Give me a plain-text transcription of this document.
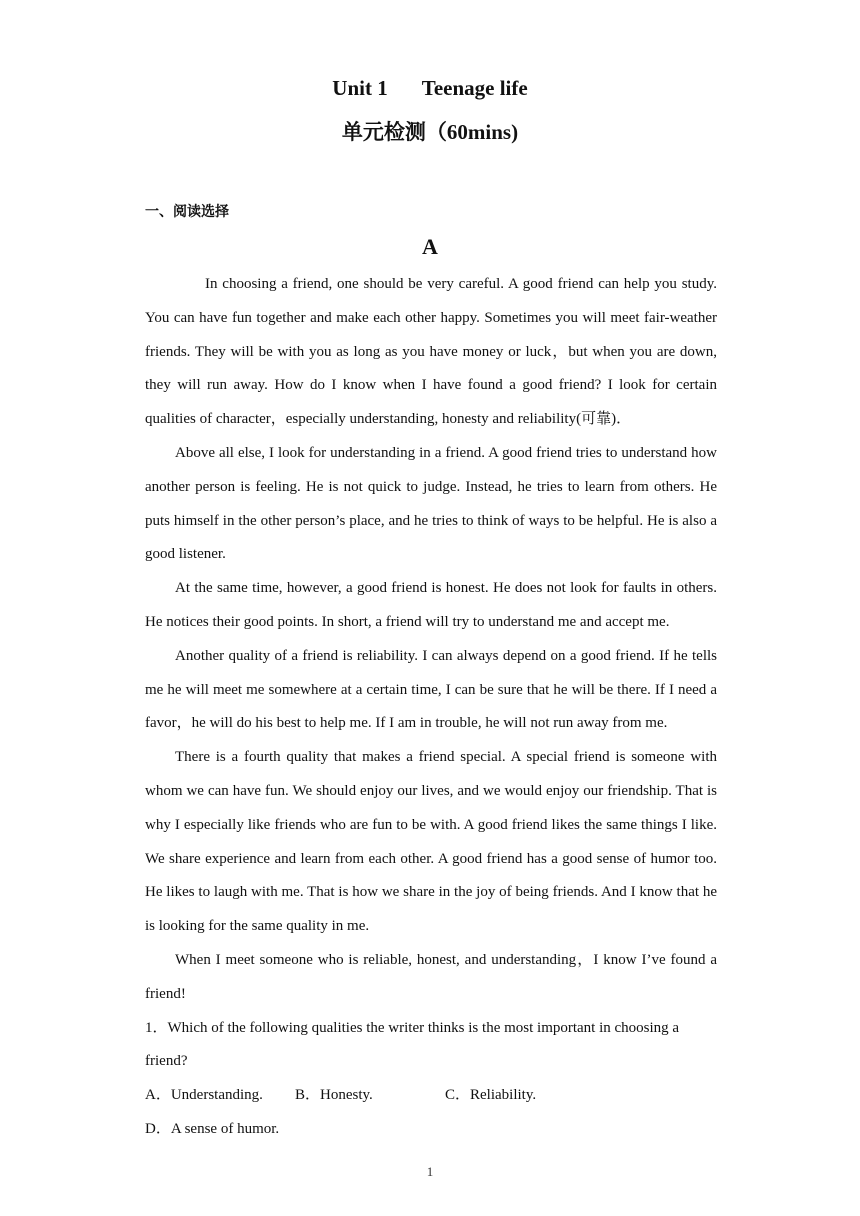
Unit 1 Teenage life
单元检测（60mins)
一、阅读选择
A

In choosing a friend, one should be very careful. A good friend can help you study. You can have fun together and make each other happy. Sometimes you will meet fair-weather friends. They will be with you as long as you have money or luck，but when you are down, they will run away. How do I know when I have found a good friend? I look for certain qualities of character，especially understanding, honesty and reliability(可靠)．

Above all else, I look for understanding in a friend. A good friend tries to understand how another person is feeling. He is not quick to judge. Instead, he tries to learn from others. He puts himself in the other person’s place, and he tries to think of ways to be helpful. He is also a good listener.

At the same time, however, a good friend is honest. He does not look for faults in others. He notices their good points. In short, a friend will try to understand me and accept me.

Another quality of a friend is reliability. I can always depend on a good friend. If he tells me he will meet me somewhere at a certain time, I can be sure that he will be there. If I need a favor，he will do his best to help me. If I am in trouble, he will not run away from me.

There is a fourth quality that makes a friend special. A special friend is someone with whom we can have fun. We should enjoy our lives, and we would enjoy our friendship. That is why I especially like friends who are fun to be with. A good friend likes the same things I like. We share experience and learn from each other. A good friend has a good sense of humor too. He likes to laugh with me. That is how we share in the joy of being friends. And I know that he is looking for the same quality in me.

When I meet someone who is reliable, honest, and understanding，I know I’ve found a friend!

1．Which of the following qualities the writer thinks is the most important in choosing a friend?
A．Understanding. B．Honesty.	C．Reliability.D．A sense of humor.
1
